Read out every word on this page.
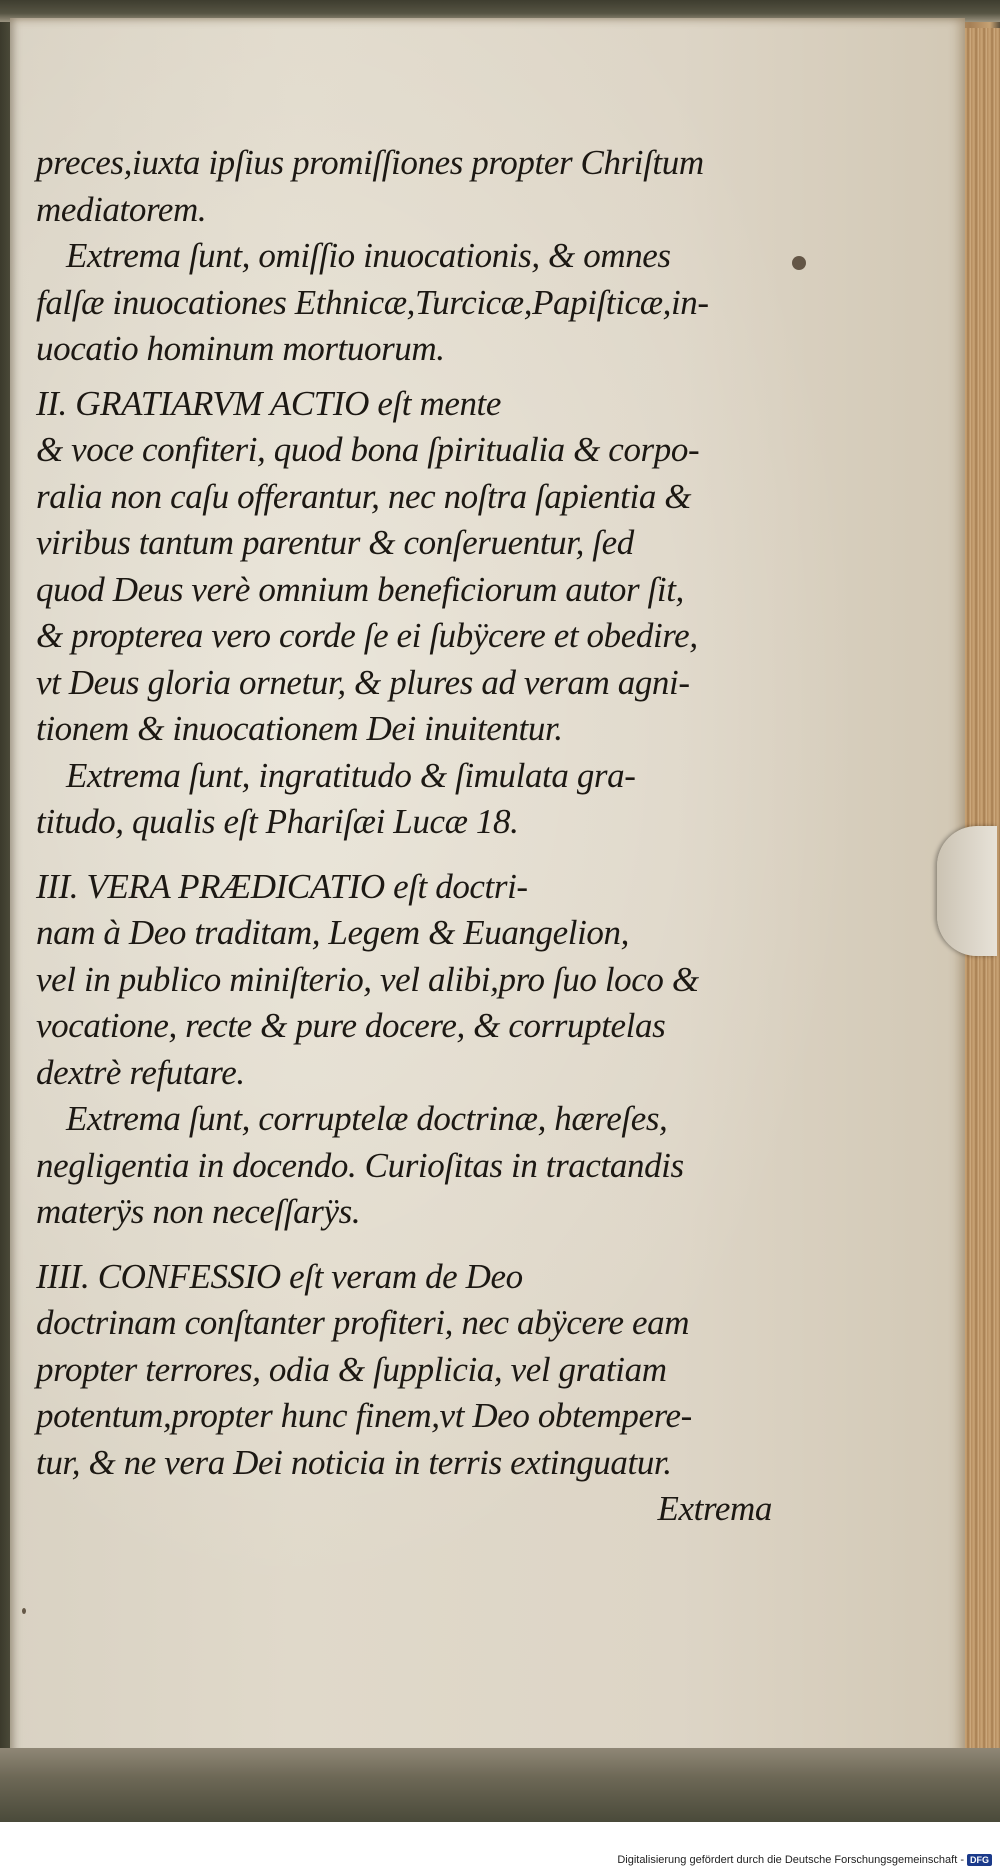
preces,iuxta ipſius promiſſiones propter Chriſtum
mediatorem.
Extrema ſunt, omiſſio inuocationis, & omnes
falſæ inuocationes Ethnicæ,Turcicæ,Papiſticæ,in-
uocatio hominum mortuorum.
II. GRATIARVM ACTIO eſt mente
& voce confiteri, quod bona ſpiritualia & corpo-
ralia non caſu offerantur, nec noſtra ſapientia &
viribus tantum parentur & conſeruentur, ſed
quod Deus verè omnium beneficiorum autor ſit,
& propterea vero corde ſe ei ſubÿcere et obedire,
vt Deus gloria ornetur, & plures ad veram agni-
tionem & inuocationem Dei inuitentur.
Extrema ſunt, ingratitudo & ſimulata gra-
titudo, qualis eſt Phariſæi Lucæ 18.
III. VERA PRÆDICATIO eſt doctri-
nam à Deo traditam, Legem & Euangelion,
vel in publico miniſterio, vel alibi,pro ſuo loco &
vocatione, recte & pure docere, & corruptelas
dextrè refutare.
Extrema ſunt, corruptelæ doctrinæ, hæreſes,
negligentia in docendo. Curioſitas in tractandis
materÿs non neceſſarÿs.
IIII. CONFESSIO eſt veram de Deo
doctrinam conſtanter profiteri, nec abÿcere eam
propter terrores, odia & ſupplicia, vel gratiam
potentum,propter hunc finem,vt Deo obtempere-
tur, & ne vera Dei noticia in terris extinguatur.
Extrema
Digitalisierung gefördert durch die Deutsche Forschungsgemeinschaft - DFG
